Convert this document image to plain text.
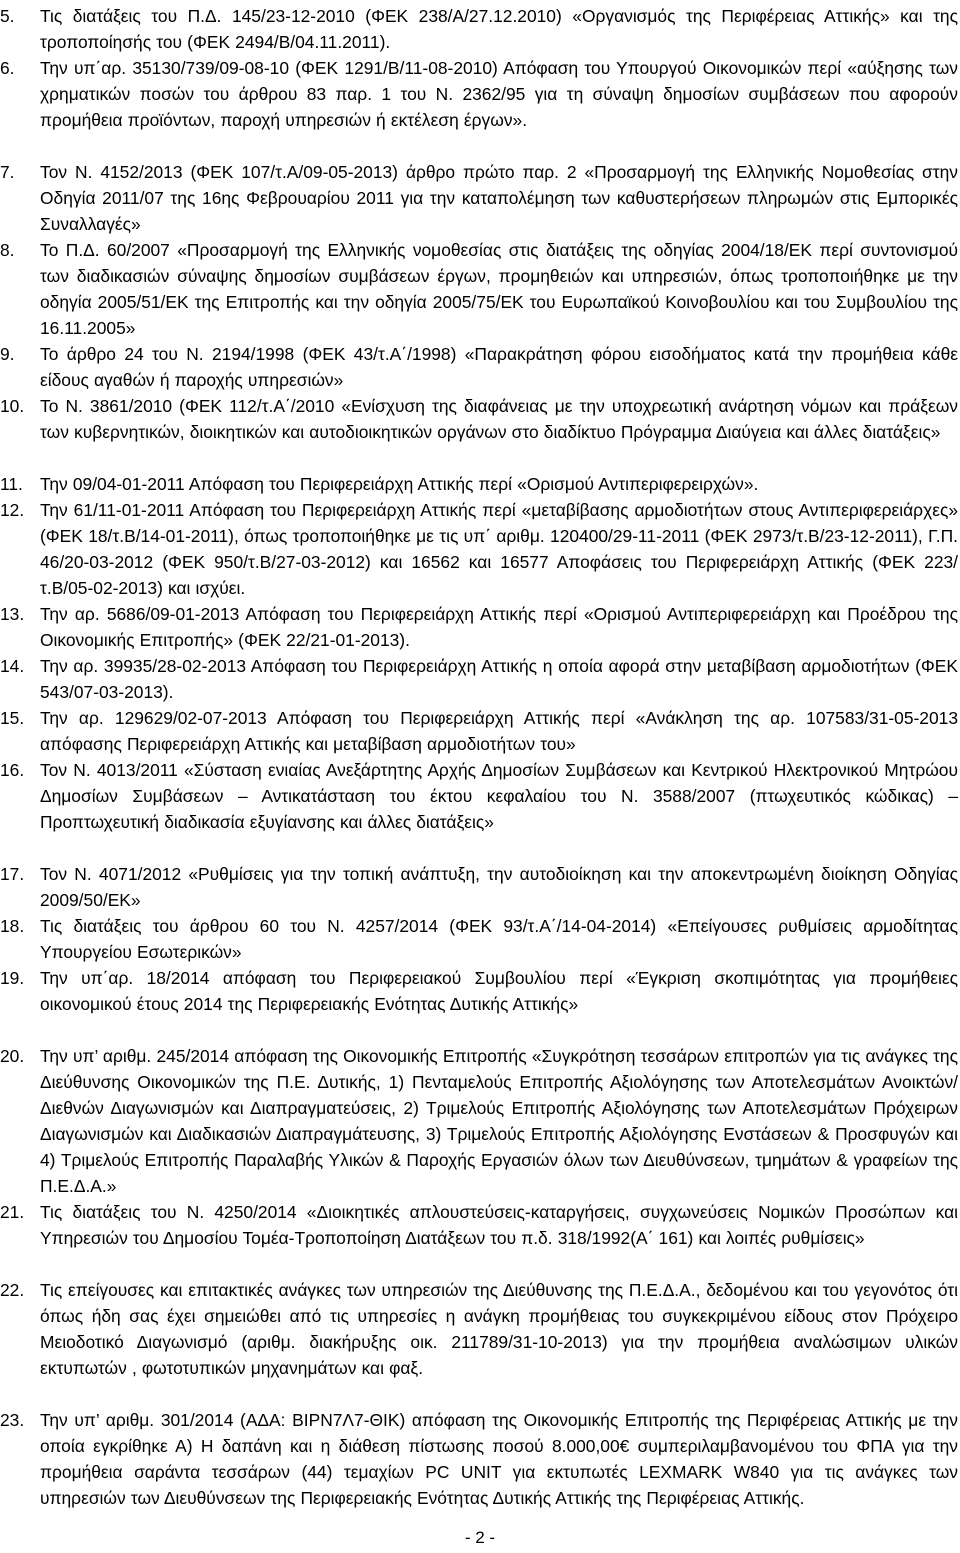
5.	Τις διατάξεις του Π.Δ. 145/23-12-2010 (ΦΕΚ 238/Α/27.12.2010) «Οργανισμός της Περιφέρειας Αττικής» και της τροποποίησής του (ΦΕΚ 2494/Β/04.11.2011).
6.	Την υπ΄αρ. 35130/739/09-08-10 (ΦΕΚ 1291/Β/11-08-2010) Απόφαση του Υπουργού Οικονομικών περί «αύξησης των χρηματικών ποσών του άρθρου 83 παρ. 1 του Ν. 2362/95 για τη σύναψη δημοσίων συμβάσεων που αφορούν προμήθεια προϊόντων, παροχή υπηρεσιών ή εκτέλεση έργων».
7.	Τον Ν. 4152/2013 (ΦΕΚ 107/τ.Α/09-05-2013) άρθρο πρώτο παρ. 2 «Προσαρμογή της Ελληνικής Νομοθεσίας στην Οδηγία 2011/07 της 16ης Φεβρουαρίου 2011 για την καταπολέμηση των καθυστερήσεων πληρωμών στις Εμπορικές Συναλλαγές»
8.	Το Π.Δ. 60/2007 «Προσαρμογή της Ελληνικής νομοθεσίας στις διατάξεις της οδηγίας 2004/18/ΕΚ περί συντονισμού των διαδικασιών σύναψης δημοσίων συμβάσεων έργων, προμηθειών και υπηρεσιών, όπως τροποποιήθηκε με την οδηγία 2005/51/ΕΚ της Επιτροπής και την οδηγία 2005/75/ΕΚ του Ευρωπαϊκού Κοινοβουλίου και του Συμβουλίου της 16.11.2005»
9.	Το άρθρο 24 του Ν. 2194/1998 (ΦΕΚ 43/τ.Α΄/1998) «Παρακράτηση φόρου εισοδήματος κατά την προμήθεια κάθε είδους αγαθών ή παροχής υπηρεσιών»
10. Το Ν. 3861/2010 (ΦΕΚ 112/τ.Α΄/2010 «Ενίσχυση της διαφάνειας με την υποχρεωτική ανάρτηση νόμων και πράξεων των κυβερνητικών, διοικητικών και αυτοδιοικητικών οργάνων στο διαδίκτυο Πρόγραμμα Διαύγεια και άλλες διατάξεις»
11. Την 09/04-01-2011 Απόφαση του Περιφερειάρχη Αττικής περί «Ορισμού Αντιπεριφερειρχών».
12. Την 61/11-01-2011 Απόφαση του Περιφερειάρχη Αττικής περί «μεταβίβασης αρμοδιοτήτων στους Αντιπεριφερειάρχες» (ΦΕΚ 18/τ.Β/14-01-2011), όπως τροποποιήθηκε με τις υπ΄ αριθμ. 120400/29-11-2011 (ΦΕΚ 2973/τ.Β/23-12-2011), Γ.Π. 46/20-03-2012 (ΦΕΚ 950/τ.Β/27-03-2012) και 16562 και 16577 Αποφάσεις του Περιφερειάρχη Αττικής (ΦΕΚ 223/τ.Β/05-02-2013) και ισχύει.
13. Την αρ. 5686/09-01-2013 Απόφαση του Περιφερειάρχη Αττικής περί «Ορισμού Αντιπεριφερειάρχη και Προέδρου της Οικονομικής Επιτροπής» (ΦΕΚ 22/21-01-2013).
14. Την αρ. 39935/28-02-2013 Απόφαση του Περιφερειάρχη Αττικής η οποία αφορά στην μεταβίβαση αρμοδιοτήτων (ΦΕΚ 543/07-03-2013).
15. Την αρ. 129629/02-07-2013 Απόφαση του Περιφερειάρχη Αττικής περί «Ανάκληση της αρ. 107583/31-05-2013 απόφασης Περιφερειάρχη Αττικής και μεταβίβαση αρμοδιοτήτων του»
16. Τον Ν. 4013/2011 «Σύσταση ενιαίας Ανεξάρτητης Αρχής Δημοσίων Συμβάσεων και Κεντρικού Ηλεκτρονικού Μητρώου Δημοσίων Συμβάσεων – Αντικατάσταση του έκτου κεφαλαίου του Ν. 3588/2007 (πτωχευτικός κώδικας) – Προπτωχευτική διαδικασία εξυγίανσης και άλλες διατάξεις»
17. Τον Ν. 4071/2012 «Ρυθμίσεις για την τοπική ανάπτυξη, την αυτοδιοίκηση και την αποκεντρωμένη διοίκηση Οδηγίας 2009/50/ΕΚ»
18. Τις διατάξεις του άρθρου 60 του Ν. 4257/2014 (ΦΕΚ 93/τ.Α΄/14-04-2014) «Επείγουσες ρυθμίσεις αρμοδίτητας Υπουργείου Εσωτερικών»
19. Την υπ΄αρ. 18/2014 απόφαση του Περιφερειακού Συμβουλίου περί «Έγκριση σκοπιμότητας για προμήθειες οικονομικού έτους 2014 της Περιφερειακής Ενότητας Δυτικής Αττικής»
20. Την υπ’ αριθμ. 245/2014 απόφαση της Οικονομικής Επιτροπής «Συγκρότηση τεσσάρων επιτροπών για τις ανάγκες της Διεύθυνσης Οικονομικών της Π.Ε. Δυτικής, 1) Πενταμελούς Επιτροπής Αξιολόγησης των Αποτελεσμάτων Ανοικτών/Διεθνών Διαγωνισμών και Διαπραγματεύσεις, 2) Τριμελούς Επιτροπής Αξιολόγησης των Αποτελεσμάτων Πρόχειρων Διαγωνισμών και Διαδικασιών Διαπραγμάτευσης, 3) Τριμελούς Επιτροπής Αξιολόγησης Ενστάσεων & Προσφυγών και 4) Τριμελούς Επιτροπής Παραλαβής Υλικών & Παροχής Εργασιών όλων των Διευθύνσεων, τμημάτων & γραφείων της Π.Ε.Δ.Α.»
21. Τις διατάξεις του Ν. 4250/2014 «Διοικητικές απλουστεύσεις-καταργήσεις, συγχωνεύσεις Νομικών Προσώπων και Υπηρεσιών του Δημοσίου Τομέα-Τροποποίηση Διατάξεων του π.δ. 318/1992(Α΄ 161) και λοιπές ρυθμίσεις»
22. Τις επείγουσες και επιτακτικές ανάγκες των υπηρεσιών της Διεύθυνσης της Π.Ε.Δ.Α., δεδομένου και του γεγονότος ότι όπως ήδη σας έχει σημειώθει από τις υπηρεσίες η ανάγκη προμήθειας του συγκεκριμένου είδους στον Πρόχειρο Μειοδοτικό Διαγωνισμό (αριθμ. διακήρυξης οικ. 211789/31-10-2013) για την προμήθεια αναλώσιμων υλικών εκτυπωτών , φωτοτυπικών μηχανημάτων και φαξ.
23. Την υπ’ αριθμ. 301/2014 (ΑΔΑ: ΒΙΡΝ7Λ7-ΘΙΚ) απόφαση της Οικονομικής Επιτροπής της Περιφέρειας Αττικής με την οποία εγκρίθηκε Α) Η δαπάνη και η διάθεση πίστωσης ποσού 8.000,00€ συμπεριλαμβανομένου του ΦΠΑ για την προμήθεια σαράντα τεσσάρων (44) τεμαχίων PC UNIT για εκτυπωτές LEXMARK W840 για τις ανάγκες των υπηρεσιών των Διευθύνσεων της Περιφερειακής Ενότητας Δυτικής Αττικής της Περιφέρειας Αττικής.
- 2 -
